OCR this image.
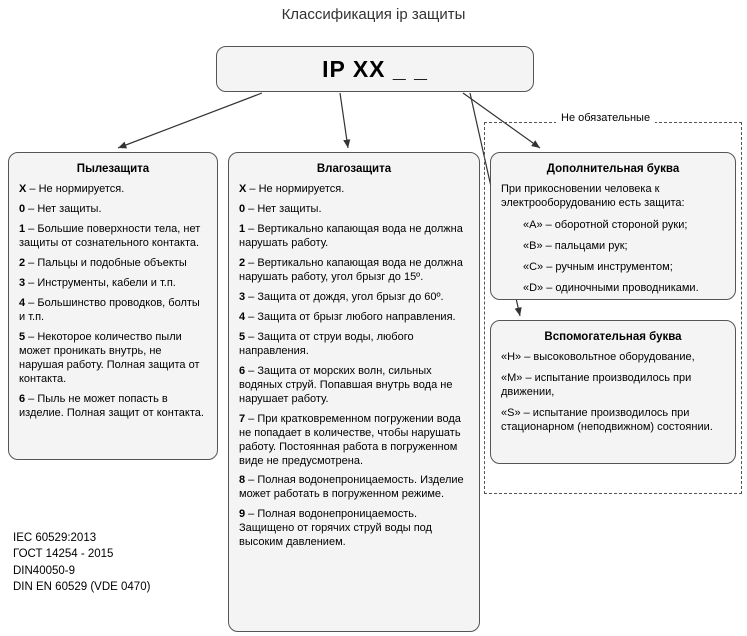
Классификация ip защиты
IP XX _ _
Не обязательные
Пылезащита

X – Не нормируется.

0 – Нет защиты.

1 – Большие поверхности тела, нет защиты от сознательного контакта.

2 – Пальцы и подобные объекты

3 – Инструменты, кабели и т.п.

4 – Большинство проводков, болты и т.п.

5 – Некоторое количество пыли может проникать внутрь, не нарушая работу. Полная защита от контакта.

6 – Пыль не может попасть в изделие. Полная защит от контакта.

Влагозащита

X – Не нормируется.

0 – Нет защиты.

1 – Вертикально капающая вода не должна нарушать работу.

2 – Вертикально капающая вода не должна нарушать работу, угол брызг до 15º.

3 – Защита от дождя, угол брызг до 60º.

4 – Защита от брызг любого направления.

5 – Защита от струи воды, любого направления.

6 – Защита от морских волн, сильных водяных струй. Попавшая внутрь вода не нарушает работу.

7 – При кратковременном погружении вода не попадает в количестве, чтобы нарушать работу. Постоянная работа в погруженном виде не предусмотрена.

8 – Полная водонепроницаемость. Изделие может работать в погруженном режиме.

9 – Полная водонепроницаемость. Защищено от горячих струй воды под высоким давлением.

Дополнительная буква

При прикосновении человека к электрооборудованию есть защита:

«A» – оборотной стороной руки;

«B» – пальцами рук;

«C» – ручным инструментом;

«D» – одиночными проводниками.

Вспомогательная буква

«H» – высоковольтное оборудование,

«M» – испытание производилось при движении,

«S» – испытание производилось при стационарном (неподвижном) состоянии.

IEC 60529:2013
ГОСТ 14254 - 2015
DIN40050-9
DIN EN 60529 (VDE 0470)
